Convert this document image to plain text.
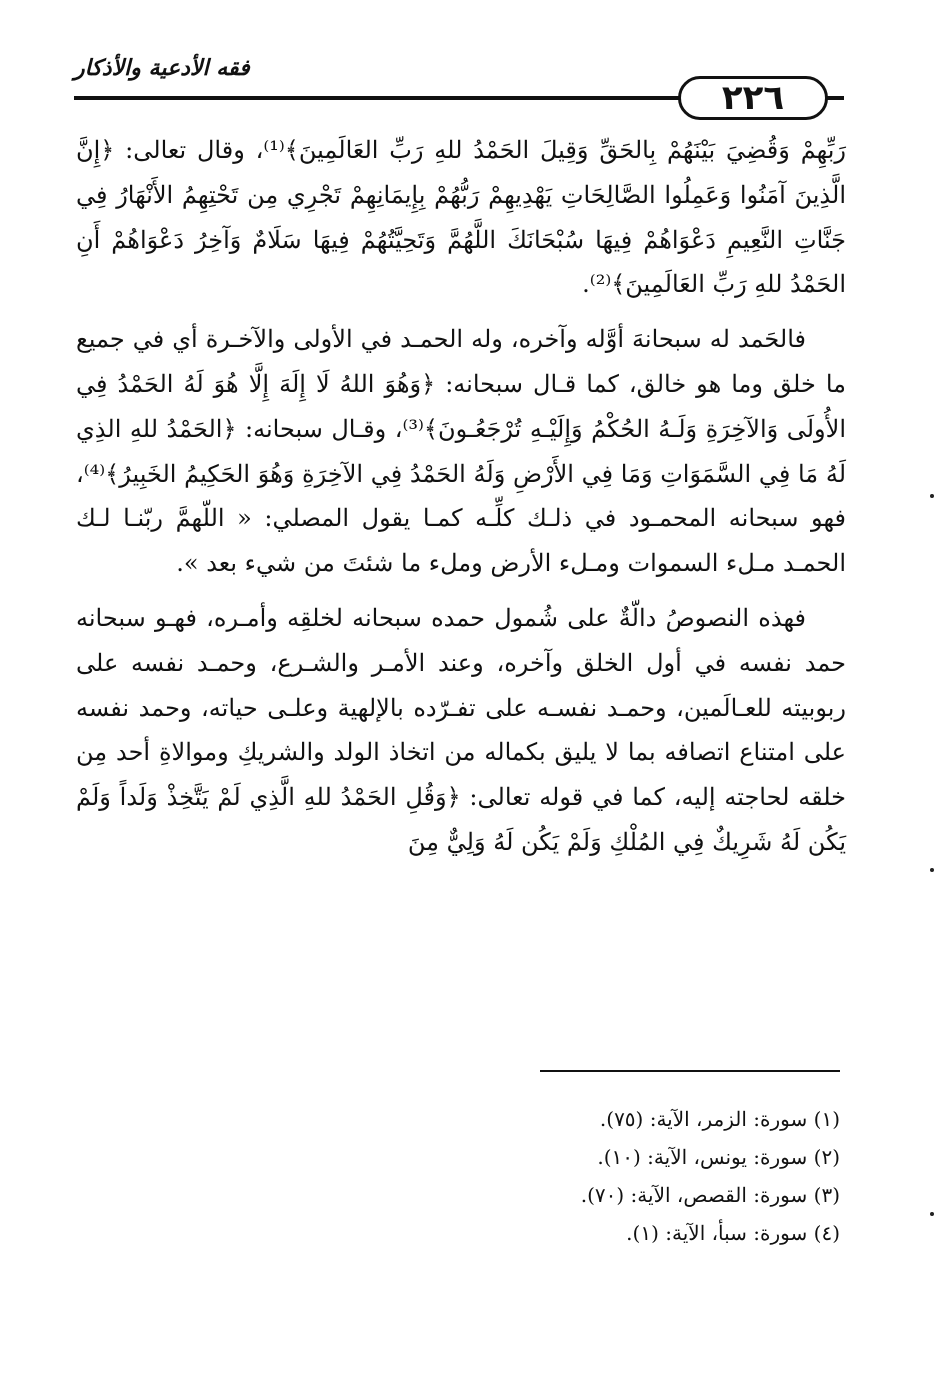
فقه الأدعية والأذكار
٢٢٦

رَبِّهِمْ وَقُضِيَ بَيْنَهُمْ بِالحَقِّ وَقِيلَ الحَمْدُ للهِ رَبِّ العَالَمِينَ﴾⁽¹⁾، وقال تعالى: ﴿إِنَّ الَّذِينَ آمَنُوا وَعَمِلُوا الصَّالِحَاتِ يَهْدِيهِمْ رَبُّهُمْ بِإِيمَانِهِمْ تَجْرِي مِن تَحْتِهِمُ الأَنْهَارُ فِي جَنَّاتِ النَّعِيمِ دَعْوَاهُمْ فِيهَا سُبْحَانَكَ اللَّهُمَّ وَتَحِيَّتُهُمْ فِيهَا سَلَامٌ وَآخِرُ دَعْوَاهُمْ أَنِ الحَمْدُ للهِ رَبِّ العَالَمِينَ﴾⁽²⁾.

فالحَمد له سبحانهَ أوَّله وآخره، وله الحمـد في الأولى والآخـرة أي في جميع ما خلق وما هو خالق، كما قـال سبحانه: ﴿وَهُوَ اللهُ لَا إِلَهَ إِلَّا هُوَ لَهُ الحَمْدُ فِي الأُولَى وَالآخِرَةِ وَلَـهُ الحُكْمُ وَإِلَيْـهِ تُرْجَعُـونَ﴾⁽³⁾، وقـال سبحانه: ﴿الحَمْدُ للهِ الذِي لَهُ مَا فِي السَّمَوَاتِ وَمَا فِي الأَرْضِ وَلَهُ الحَمْدُ فِي الآخِرَةِ وَهُوَ الحَكِيمُ الخَبِيرُ﴾⁽⁴⁾، فهو سبحانه المحمـود في ذلـك كلِّـه كمـا يقول المصلي: « اللّهمَّ ربّنـا لـك الحمـد مـلء السموات ومـلء الأرض وملء ما شئتَ من شيء بعد ».

فهذه النصوصُ دالّةٌ على شُمول حمده سبحانه لخلقِه وأمـره، فهـو سبحانه حمد نفسه في أول الخلق وآخره، وعند الأمـر والشـرع، وحمـد نفسه على ربوبيته للعـالَمين، وحمـد نفسـه على تفـرّده بالإلهية وعلـى حياته، وحمد نفسه على امتناع اتصافه بما لا يليق بكماله من اتخاذ الولد والشريكِ وموالاةِ أحد مِن خلقه لحاجته إليه، كما في قوله تعالى: ﴿وَقُلِ الحَمْدُ للهِ الَّذِي لَمْ يَتَّخِذْ وَلَداً وَلَمْ يَكُن لَهُ شَرِيكٌ فِي المُلْكِ وَلَمْ يَكُن لَهُ وَلِيٌّ مِنَ

(١) سورة: الزمر، الآية: (٧٥).
(٢) سورة: يونس، الآية: (١٠).
(٣) سورة: القصص، الآية: (٧٠).
(٤) سورة: سبأ، الآية: (١).
